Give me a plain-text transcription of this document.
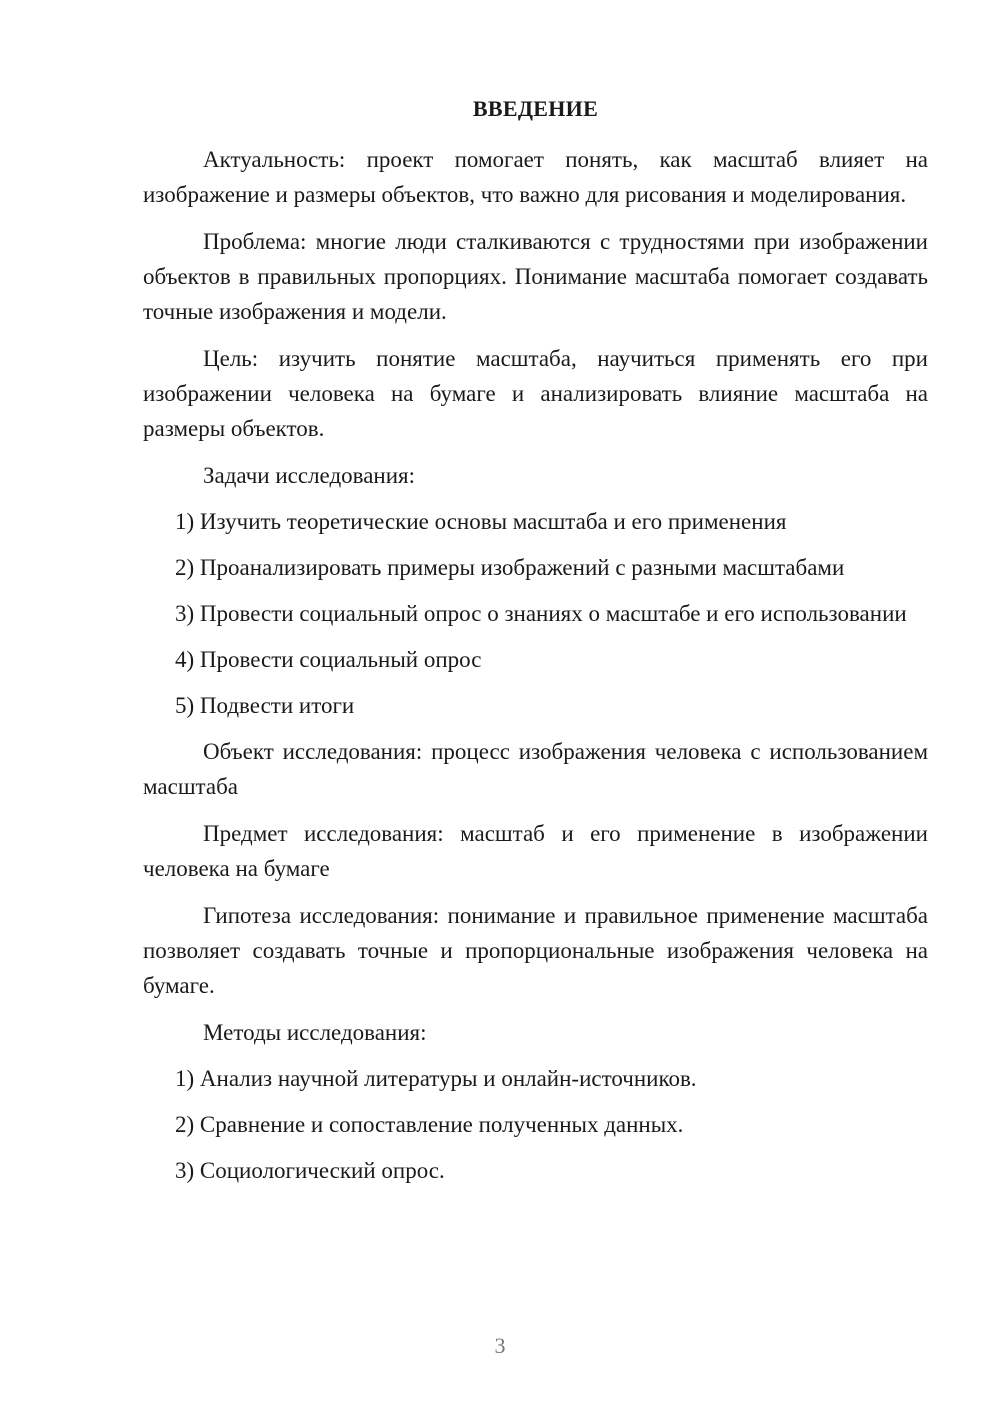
ВВЕДЕНИЕ

Актуальность: проект помогает понять, как масштаб влияет на изображение и размеры объектов, что важно для рисования и моделирования.

Проблема: многие люди сталкиваются с трудностями при изображении объектов в правильных пропорциях. Понимание масштаба помогает создавать точные изображения и модели.

Цель: изучить понятие масштаба, научиться применять его при изображении человека на бумаге и анализировать влияние масштаба на размеры объектов.

Задачи исследования:

1) Изучить теоретические основы масштаба и его применения

2) Проанализировать примеры изображений с разными масштабами

3) Провести социальный опрос о знаниях о масштабе и его использовании

4) Провести социальный опрос

5) Подвести итоги

Объект исследования: процесс изображения человека с использованием масштаба

Предмет исследования: масштаб и его применение в изображении человека на бумаге

Гипотеза исследования: понимание и правильное применение масштаба позволяет создавать точные и пропорциональные изображения человека на бумаге.

Методы исследования:

1) Анализ научной литературы и онлайн-источников.

2) Сравнение и сопоставление полученных данных.

3) Социологический опрос.

3
